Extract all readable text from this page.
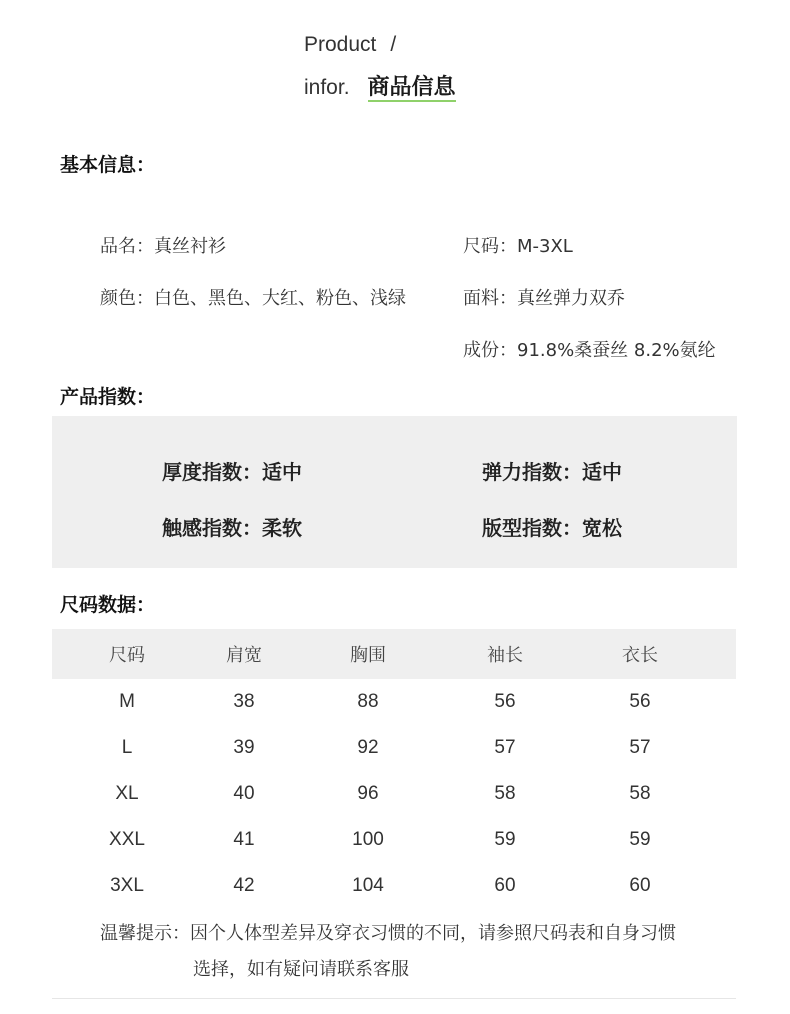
Product /
infor. 商品信息
基本信息：
品名：真丝衬衫	尺码：M-3XL
颜色：白色、黑色、大红、粉色、浅绿	面料：真丝弹力双乔
成份：91.8%桑蚕丝 8.2%氨纶
产品指数：
厚度指数：适中	弹力指数：适中
触感指数：柔软	版型指数：宽松
尺码数据：
尺码	肩宽	胸围	袖长	衣长
M	38	88	56	56
L	39	92	57	57
XL	40	96	58	58
XXL	41	100	59	59
3XL	42	104	60	60
温馨提示：因个人体型差异及穿衣习惯的不同，请参照尺码表和自身习惯
选择，如有疑问请联系客服
